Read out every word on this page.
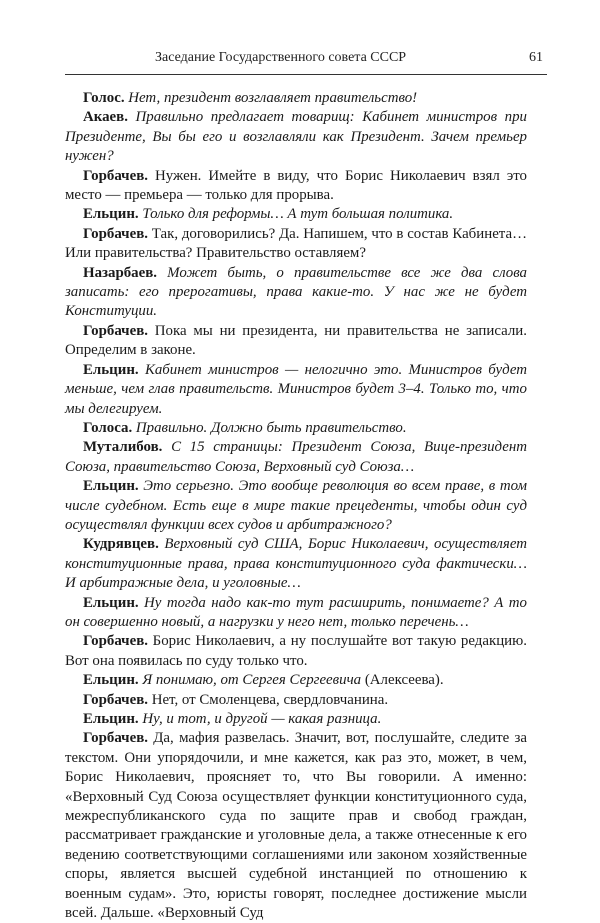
Заседание Государственного совета СССР	61

Голос. Нет, президент возглавляет правительство!

Акаев. Правильно предлагает товарищ: Кабинет министров при Президенте, Вы бы его и возглавляли как Президент. Зачем премьер нужен?

Горбачев. Нужен. Имейте в виду, что Борис Николаевич взял это место — премьера — только для прорыва.

Ельцин. Только для реформы… А тут большая политика.

Горбачев. Так, договорились? Да. Напишем, что в состав Кабинета… Или правительства? Правительство оставляем?

Назарбаев. Может быть, о правительстве все же два слова записать: его прерогативы, права какие-то. У нас же не будет Конституции.

Горбачев. Пока мы ни президента, ни правительства не записали. Определим в законе.

Ельцин. Кабинет министров — нелогично это. Министров будет меньше, чем глав правительств. Министров будет 3–4. Только то, что мы делегируем.

Голоса. Правильно. Должно быть правительство.

Муталибов. С 15 страницы: Президент Союза, Вице-президент Союза, правительство Союза, Верховный суд Союза…

Ельцин. Это серьезно. Это вообще революция во всем праве, в том числе судебном. Есть еще в мире такие прецеденты, чтобы один суд осуществлял функции всех судов и арбитражного?

Кудрявцев. Верховный суд США, Борис Николаевич, осуществляет конституционные права, права конституционного суда фактически… И арбитражные дела, и уголовные…

Ельцин. Ну тогда надо как-то тут расширить, понимаете? А то он совершенно новый, а нагрузки у него нет, только перечень…

Горбачев. Борис Николаевич, а ну послушайте вот такую редакцию. Вот она появилась по суду только что.

Ельцин. Я понимаю, от Сергея Сергеевича (Алексеева).

Горбачев. Нет, от Смоленцева, свердловчанина.

Ельцин. Ну, и тот, и другой — какая разница.

Горбачев. Да, мафия развелась. Значит, вот, послушайте, следите за текстом. Они упорядочили, и мне кажется, как раз это, может, в чем, Борис Николаевич, проясняет то, что Вы говорили. А именно: «Верховный Суд Союза осуществляет функции конституционного суда, межреспубликанского суда по защите прав и свобод граждан, рассматривает гражданские и уголовные дела, а также отнесенные к его ведению соответствующими соглашениями или законом хозяйственные споры, является высшей судебной инстанцией по отношению к военным судам». Это, юристы говорят, последнее достижение мысли всей. Дальше. «Верховный Суд
